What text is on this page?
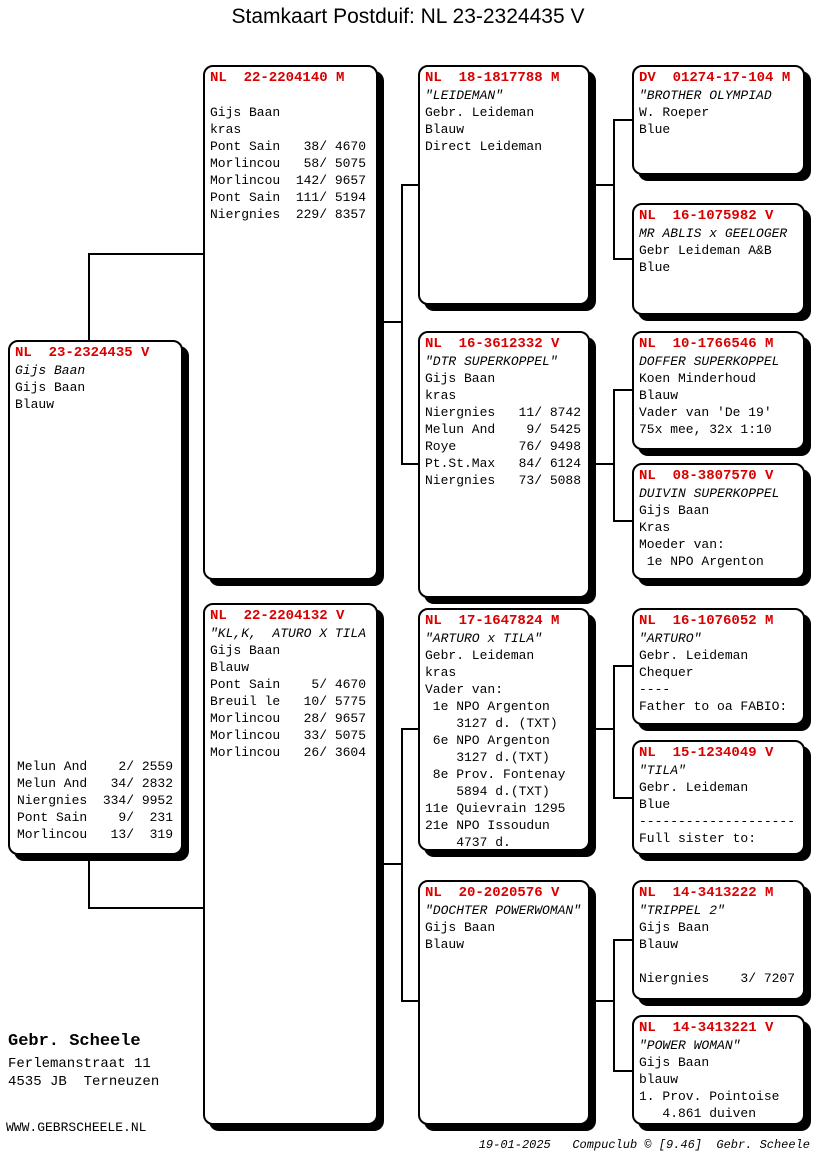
Stamkaart Postduif: NL 23-2324435 V
NL  23-2324435 V
Gijs Baan
Gijs Baan
Blauw
Melun And    2/ 2559
Melun And   34/ 2832
Niergnies  334/ 9952
Pont Sain    9/  231
Morlincou   13/  319
NL  22-2204140 M

Gijs Baan
kras
Pont Sain   38/ 4670
Morlincou   58/ 5075
Morlincou  142/ 9657
Pont Sain  111/ 5194
Niergnies  229/ 8357
NL  22-2204132 V
"KL,K,  ATURO X TILA
Gijs Baan
Blauw
Pont Sain    5/ 4670
Breuil le   10/ 5775
Morlincou   28/ 9657
Morlincou   33/ 5075
Morlincou   26/ 3604
NL  18-1817788 M
"LEIDEMAN"
Gebr. Leideman
Blauw
Direct Leideman
NL  16-3612332 V
"DTR SUPERKOPPEL"
Gijs Baan
kras
Niergnies   11/ 8742
Melun And    9/ 5425
Roye        76/ 9498
Pt.St.Max   84/ 6124
Niergnies   73/ 5088
NL  17-1647824 M
"ARTURO x TILA"
Gebr. Leideman
kras
Vader van:
1e NPO Argenton
3127 d. (TXT)
6e NPO Argenton
3127 d.(TXT)
8e Prov. Fontenay
5894 d.(TXT)
11e Quievrain 1295
21e NPO Issoudun
4737 d.
NL  20-2020576 V
"DOCHTER POWERWOMAN"
Gijs Baan
Blauw
DV  01274-17-104 M
"BROTHER OLYMPIAD
W. Roeper
Blue
NL  16-1075982 V
MR ABLIS x GEELOGER
Gebr Leideman A&B
Blue
NL  10-1766546 M
DOFFER SUPERKOPPEL
Koen Minderhoud
Blauw
Vader van 'De 19'
75x mee, 32x 1:10
NL  08-3807570 V
DUIVIN SUPERKOPPEL
Gijs Baan
Kras
Moeder van:
1e NPO Argenton
NL  16-1076052 M
"ARTURO"
Gebr. Leideman
Chequer
----
Father to oa FABIO:
NL  15-1234049 V
"TILA"
Gebr. Leideman
Blue
--------------------
Full sister to:
NL  14-3413222 M
"TRIPPEL 2"
Gijs Baan
Blauw

Niergnies    3/ 7207
NL  14-3413221 V
"POWER WOMAN"
Gijs Baan
blauw
1. Prov. Pointoise
4.861 duiven
Gebr. Scheele
Ferlemanstraat 11
4535 JB  Terneuzen
WWW.GEBRSCHEELE.NL
19-01-2025   Compuclub © [9.46]  Gebr. Scheele
